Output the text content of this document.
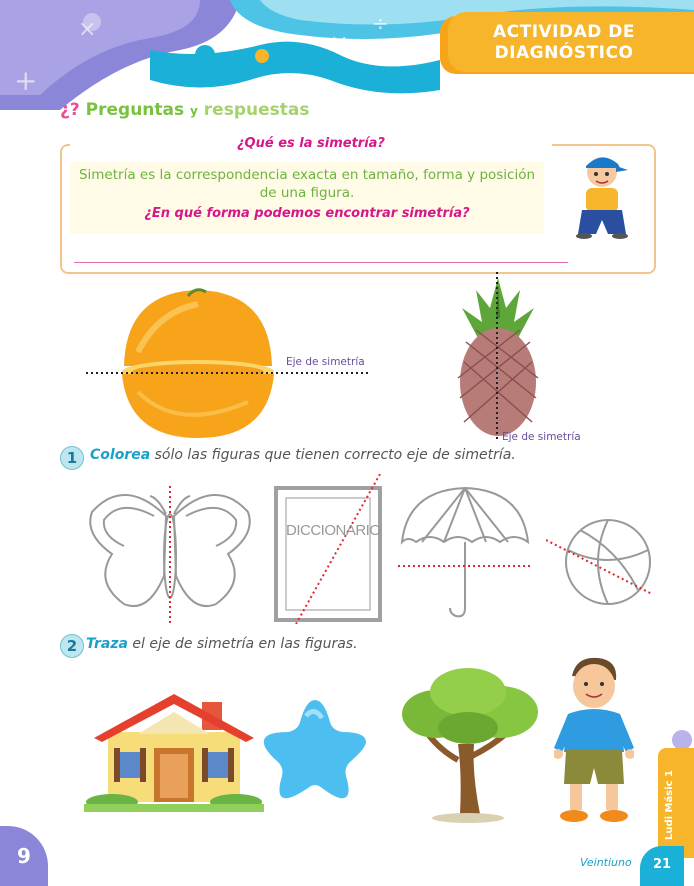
+
×
×
÷	ACTIVIDAD DE
DIAGNÓSTICO
¿? Preguntas y respuestas
¿Qué es la simetría?
Simetría es la correspondencia exacta en tamaño, forma y posición de una figura.
¿En qué forma podemos encontrar simetría?
Eje de simetría
Eje de simetría
1 Colorea sólo las figuras que tienen correcto eje de simetría.
DICCIONARIO
2 Traza el eje de simetría en las figuras.
Ludi Másic 1
9	Veintiuno	21
